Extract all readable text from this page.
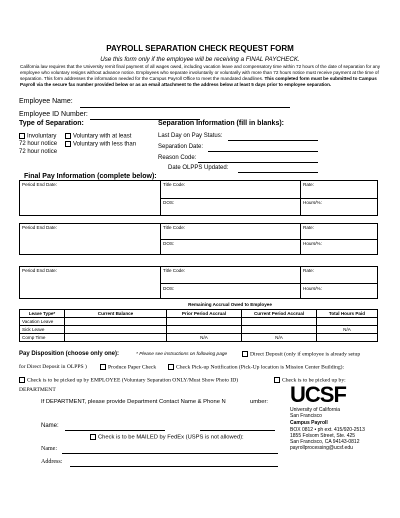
PAYROLL SEPARATION CHECK REQUEST FORM
Use this form only if the employee will be receiving a FINAL PAYCHECK.
California law requires that the University remit final payment of all wages owed, including vacation leave and compensatory time within 72 hours of the date of separation for any employee who voluntary resigns without advance notice. Employees who separate involuntarily or voluntarily with more than 72 hours notice must receive payment at the time of separation. This form addresses the information needed for the Campus Payroll Office to meet the mandated deadlines. This completed form must be submitted to Campus Payroll via the secure fax number provided below or as an email attachment to the address below at least 5 days prior to employee separation.
Employee Name:
Employee ID Number:
Type of Separation:
Involuntary	Voluntary with at least
72 hour notice	Voluntary with less than
72 hour notice
Separation Information (fill in blanks):
Last Day on Pay Status:
Separation Date:
Reason Code:
Date OLPPS Updated:
Final Pay Information (complete below):
Period End Date:	Title Code:	Rate:
DOS:	Hours/%:
Period End Date:	Title Code:	Rate:
DOS:	Hours/%:
Period End Date:	Title Code:	Rate:
DOS:	Hours/%:
Remaining Accrual Owed to Employee
Leave Type*	Current Balance	Prior Period Accrual	Current Period Accrual	Total Hours Paid
Vacation Leave				
Sick Leave				N/A
Comp Time		N/A	N/A	
Pay Disposition (choose only one):	* Please see instructions on following page	Direct Deposit (only if employee is already setup
for Direct Deposit in OLPPS )	Produce Paper Check	Check Pick-up Notification (Pick-Up location is Mission Center Building):
Check is to be picked up by EMPLOYEE (Voluntary Separation ONLY/Must Show Photo ID)	Check is to be picked up by:
DEPARTMENT
If DEPARTMENT, please provide Department Contact Name & Phone N	umber: UCSF
University of California
San Francisco
Campus Payroll
BOX 0812 • ph ext. 415/920-2513
1855 Folsom Street, Ste. 425
San Francisco, CA 94143-0812
payrollprocessing@ucsf.edu
Name:
Check is to be MAILED by FedEx (USPS is not allowed):
Name:
Address:
